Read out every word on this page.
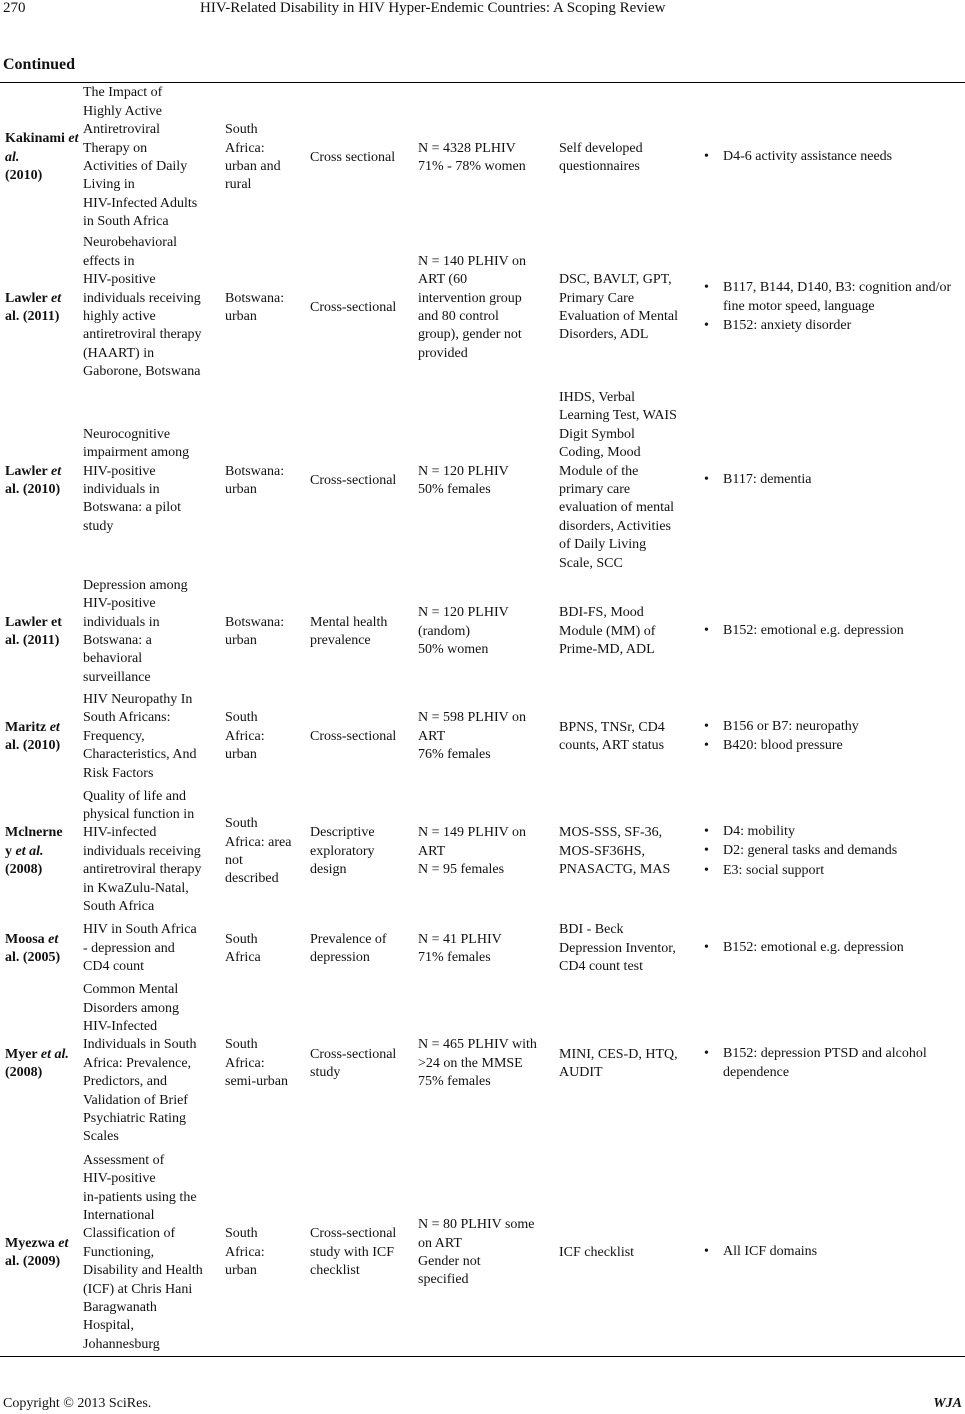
270	HIV-Related Disability in HIV Hyper-Endemic Countries: A Scoping Review
Continued
Kakinami et al.
(2010)
The Impact of
Highly Active
Antiretroviral
Therapy on
Activities of Daily
Living in
HIV-Infected Adults
in South Africa
South
Africa:
urban and
rural
Cross sectional
N = 4328 PLHIV
71% - 78% women
Self developed
questionnaires
• D4-6 activity assistance needs
Lawler et
al. (2011)
Neurobehavioral
effects in
HIV-positive
individuals receiving
highly active
antiretroviral therapy
(HAART) in
Gaborone, Botswana
Botswana:
urban
Cross-sectional
N = 140 PLHIV on
ART (60
intervention group
and 80 control
group), gender not
provided
DSC, BAVLT, GPT,
Primary Care
Evaluation of Mental
Disorders, ADL
• B117, B144, D140, B3: cognition and/or fine motor speed, language
• B152: anxiety disorder
Lawler et
al. (2010)
Neurocognitive
impairment among
HIV-positive
individuals in
Botswana: a pilot
study
Botswana:
urban
Cross-sectional
N = 120 PLHIV
50% females
IHDS, Verbal
Learning Test, WAIS
Digit Symbol
Coding, Mood
Module of the
primary care
evaluation of mental
disorders, Activities
of Daily Living
Scale, SCC
• B117: dementia
Lawler et
al. (2011)
Depression among
HIV-positive
individuals in
Botswana: a
behavioral
surveillance
Botswana:
urban
Mental health
prevalence
N = 120 PLHIV
(random)
50% women
BDI-FS, Mood
Module (MM) of
Prime-MD, ADL
• B152: emotional e.g. depression
Maritz et
al. (2010)
HIV Neuropathy In
South Africans:
Frequency,
Characteristics, And
Risk Factors
South
Africa:
urban
Cross-sectional
N = 598 PLHIV on
ART
76% females
BPNS, TNSr, CD4
counts, ART status
• B156 or B7: neuropathy
• B420: blood pressure
Mclnerne
y et al.
(2008)
Quality of life and
physical function in
HIV-infected
individuals receiving
antiretroviral therapy
in KwaZulu-Natal,
South Africa
South
Africa: area
not
described
Descriptive
exploratory
design
N = 149 PLHIV on
ART
N = 95 females
MOS-SSS, SF-36,
MOS-SF36HS,
PNASACTG, MAS
• D4: mobility
• D2: general tasks and demands
• E3: social support
Moosa et
al. (2005)
HIV in South Africa
- depression and
CD4 count
South
Africa
Prevalence of
depression
N = 41 PLHIV
71% females
BDI - Beck
Depression Inventor,
CD4 count test
• B152: emotional e.g. depression
Myer et al.
(2008)
Common Mental
Disorders among
HIV-Infected
Individuals in South
Africa: Prevalence,
Predictors, and
Validation of Brief
Psychiatric Rating
Scales
South
Africa:
semi-urban
Cross-sectional
study
N = 465 PLHIV with
>24 on the MMSE
75% females
MINI, CES-D, HTQ,
AUDIT
• B152: depression PTSD and alcohol dependence
Myezwa et
al. (2009)
Assessment of
HIV-positive
in-patients using the
International
Classification of
Functioning,
Disability and Health
(ICF) at Chris Hani
Baragwanath
Hospital,
Johannesburg
South
Africa:
urban
Cross-sectional
study with ICF
checklist
N = 80 PLHIV some
on ART
Gender not
specified
ICF checklist
•	All ICF domains
Copyright © 2013 SciRes.	WJA
